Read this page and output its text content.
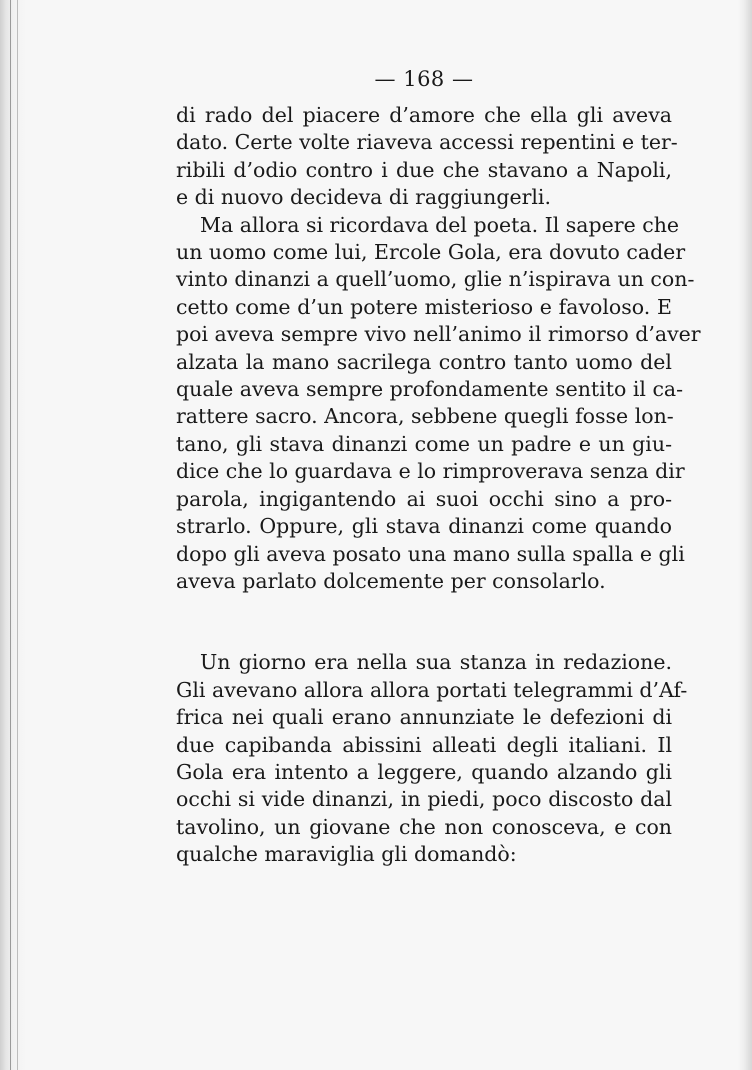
— 168 —

di rado del piacere d’amore che ella gli aveva
dato. Certe volte riaveva accessi repentini e ter-
ribili d’odio contro i due che stavano a Napoli,
e di nuovo decideva di raggiungerli.

Ma allora si ricordava del poeta. Il sapere che
un uomo come lui, Ercole Gola, era dovuto cader
vinto dinanzi a quell’uomo, glie n’ispirava un con-
cetto come d’un potere misterioso e favoloso. E
poi aveva sempre vivo nell’animo il rimorso d’aver
alzata la mano sacrilega contro tanto uomo del
quale aveva sempre profondamente sentito il ca-
rattere sacro. Ancora, sebbene quegli fosse lon-
tano, gli stava dinanzi come un padre e un giu-
dice che lo guardava e lo rimproverava senza dir
parola, ingigantendo ai suoi occhi sino a pro-
strarlo. Oppure, gli stava dinanzi come quando
dopo gli aveva posato una mano sulla spalla e gli
aveva parlato dolcemente per consolarlo.

Un giorno era nella sua stanza in redazione.
Gli avevano allora allora portati telegrammi d’Af-
frica nei quali erano annunziate le defezioni di
due capibanda abissini alleati degli italiani. Il
Gola era intento a leggere, quando alzando gli
occhi si vide dinanzi, in piedi, poco discosto dal
tavolino, un giovane che non conosceva, e con
qualche maraviglia gli domandò:
